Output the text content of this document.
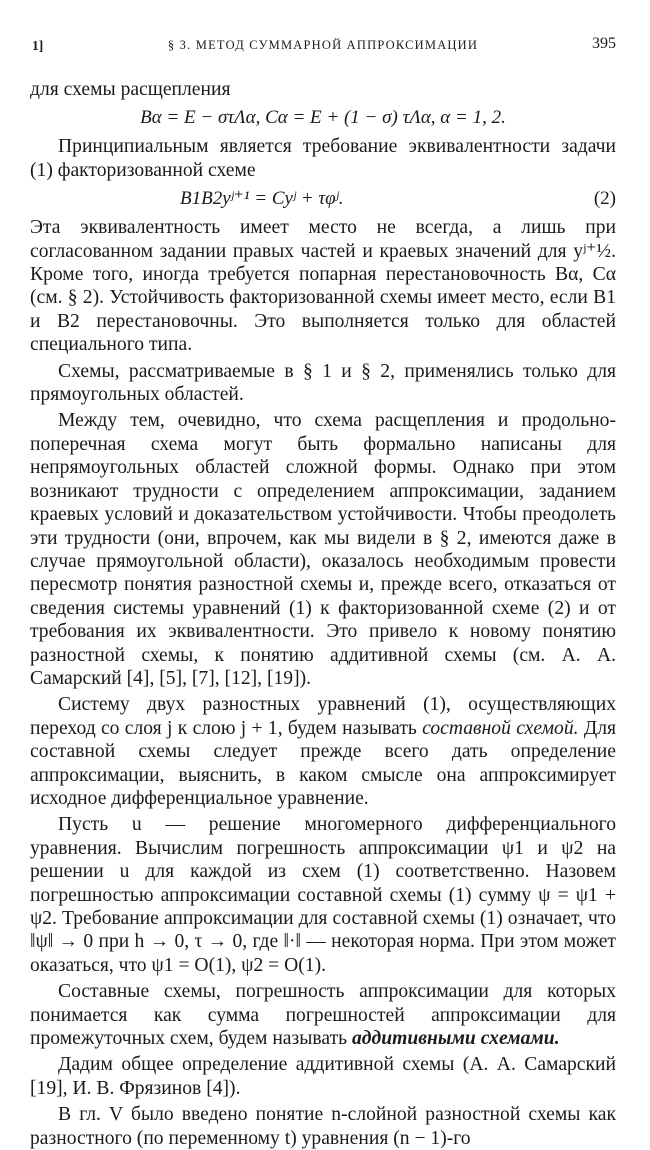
1]	§ 3. МЕТОД СУММАРНОЙ АППРОКСИМАЦИИ	395

для схемы расщепления

Bα = E − στΛα, Cα = E + (1 − σ) τΛα, α = 1, 2.

Принципиальным является требование эквивалентности задачи (1) факторизованной схеме

B1B2yʲ⁺¹ = Cyʲ + τφʲ.	(2)

Эта эквивалентность имеет место не всегда, а лишь при согласованном задании правых частей и краевых значений для yʲ⁺½. Кроме того, иногда требуется попарная перестановочность Bα, Cα (см. § 2). Устойчивость факторизованной схемы имеет место, если B1 и B2 перестановочны. Это выполняется только для областей специального типа.

Схемы, рассматриваемые в § 1 и § 2, применялись только для прямоугольных областей.

Между тем, очевидно, что схема расщепления и продольно-поперечная схема могут быть формально написаны для непрямоугольных областей сложной формы. Однако при этом возникают трудности с определением аппроксимации, заданием краевых условий и доказательством устойчивости. Чтобы преодолеть эти трудности (они, впрочем, как мы видели в § 2, имеются даже в случае прямоугольной области), оказалось необходимым провести пересмотр понятия разностной схемы и, прежде всего, отказаться от сведения системы уравнений (1) к факторизованной схеме (2) и от требования их эквивалентности. Это привело к новому понятию разностной схемы, к понятию аддитивной схемы (см. А. А. Самарский [4], [5], [7], [12], [19]).

Систему двух разностных уравнений (1), осуществляющих переход со слоя j к слою j + 1, будем называть составной схемой. Для составной схемы следует прежде всего дать определение аппроксимации, выяснить, в каком смысле она аппроксимирует исходное дифференциальное уравнение.

Пусть u — решение многомерного дифференциального уравнения. Вычислим погрешность аппроксимации ψ1 и ψ2 на решении u для каждой из схем (1) соответственно. Назовем погрешностью аппроксимации составной схемы (1) сумму ψ = ψ1 + ψ2. Требование аппроксимации для составной схемы (1) означает, что ‖ψ‖ → 0 при h → 0, τ → 0, где ‖·‖ — некоторая норма. При этом может оказаться, что ψ1 = O(1), ψ2 = O(1).

Составные схемы, погрешность аппроксимации для которых понимается как сумма погрешностей аппроксимации для промежуточных схем, будем называть аддитивными схемами.

Дадим общее определение аддитивной схемы (А. А. Самарский [19], И. В. Фрязинов [4]).

В гл. V было введено понятие n-слойной разностной схемы как разностного (по переменному t) уравнения (n − 1)-го
